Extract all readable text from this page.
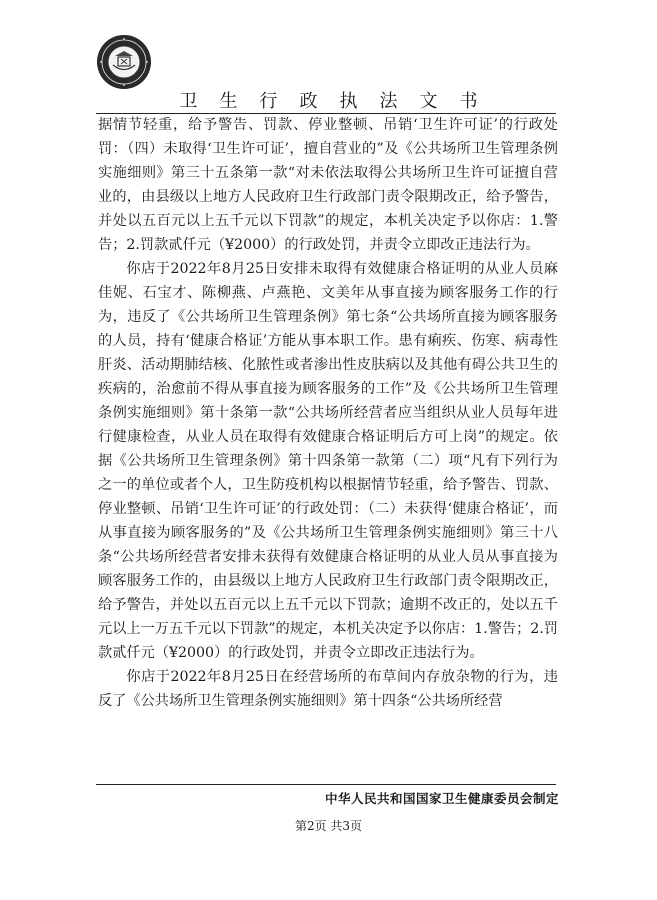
卫生行政执法文书

据情节轻重，给予警告、罚款、停业整顿、吊销‘卫生许可证’的行政处罚：（四）未取得‘卫生许可证’，擅自营业的”及《公共场所卫生管理条例实施细则》第三十五条第一款“对未依法取得公共场所卫生许可证擅自营业的，由县级以上地方人民政府卫生行政部门责令限期改正，给予警告，并处以五百元以上五千元以下罚款”的规定，本机关决定予以你店：1.警告；2.罚款贰仟元（¥2000）的行政处罚，并责令立即改正违法行为。

你店于2022年8月25日安排未取得有效健康合格证明的从业人员麻佳妮、石宝才、陈柳燕、卢燕艳、文美年从事直接为顾客服务工作的行为，违反了《公共场所卫生管理条例》第七条“公共场所直接为顾客服务的人员，持有‘健康合格证’方能从事本职工作。患有痢疾、伤寒、病毒性肝炎、活动期肺结核、化脓性或者渗出性皮肤病以及其他有碍公共卫生的疾病的，治愈前不得从事直接为顾客服务的工作”及《公共场所卫生管理条例实施细则》第十条第一款“公共场所经营者应当组织从业人员每年进行健康检查，从业人员在取得有效健康合格证明后方可上岗”的规定。依据《公共场所卫生管理条例》第十四条第一款第（二）项“凡有下列行为之一的单位或者个人，卫生防疫机构以根据情节轻重，给予警告、罚款、停业整顿、吊销‘卫生许可证’的行政处罚：（二）未获得‘健康合格证’，而从事直接为顾客服务的”及《公共场所卫生管理条例实施细则》第三十八条“公共场所经营者安排未获得有效健康合格证明的从业人员从事直接为顾客服务工作的，由县级以上地方人民政府卫生行政部门责令限期改正，给予警告，并处以五百元以上五千元以下罚款；逾期不改正的，处以五千元以上一万五千元以下罚款”的规定，本机关决定予以你店：1.警告；2.罚款贰仟元（¥2000）的行政处罚，并责令立即改正违法行为。

你店于2022年8月25日在经营场所的布草间内存放杂物的行为，违反了《公共场所卫生管理条例实施细则》第十四条“公共场所经营

中华人民共和国国家卫生健康委员会制定
第2页 共3页
